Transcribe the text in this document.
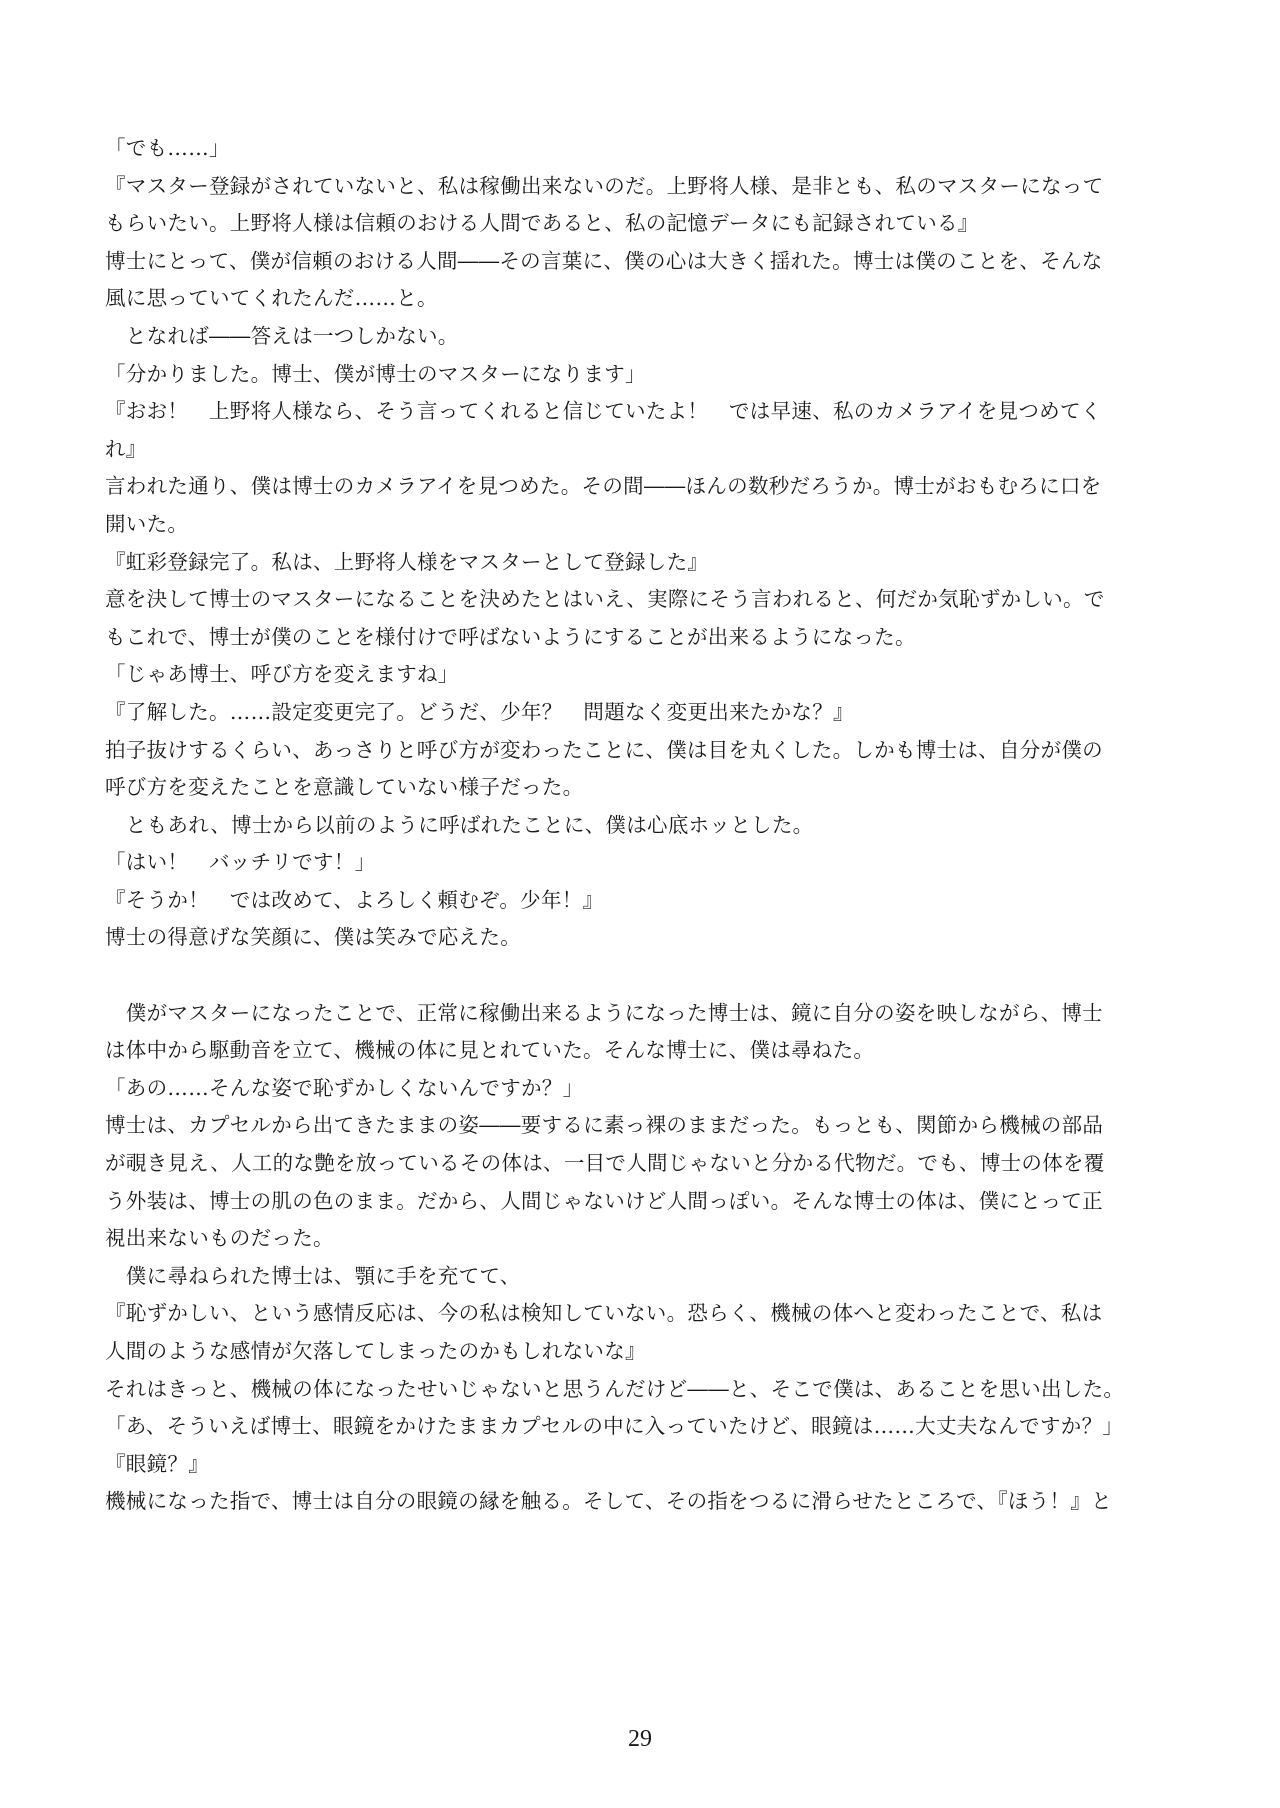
「でも……」
『マスター登録がされていないと、私は稼働出来ないのだ。上野将人様、是非とも、私のマスターになって
もらいたい。上野将人様は信頼のおける人間であると、私の記憶データにも記録されている』
博士にとって、僕が信頼のおける人間――その言葉に、僕の心は大きく揺れた。博士は僕のことを、そんな
風に思っていてくれたんだ……と。
　となれば――答えは一つしかない。
「分かりました。博士、僕が博士のマスターになります」
『おお！　上野将人様なら、そう言ってくれると信じていたよ！　では早速、私のカメラアイを見つめてく
れ』
言われた通り、僕は博士のカメラアイを見つめた。その間――ほんの数秒だろうか。博士がおもむろに口を
開いた。
『虹彩登録完了。私は、上野将人様をマスターとして登録した』
意を決して博士のマスターになることを決めたとはいえ、実際にそう言われると、何だか気恥ずかしい。で
もこれで、博士が僕のことを様付けで呼ばないようにすることが出来るようになった。
「じゃあ博士、呼び方を変えますね」
『了解した。……設定変更完了。どうだ、少年？　問題なく変更出来たかな？』
拍子抜けするくらい、あっさりと呼び方が変わったことに、僕は目を丸くした。しかも博士は、自分が僕の
呼び方を変えたことを意識していない様子だった。
　ともあれ、博士から以前のように呼ばれたことに、僕は心底ホッとした。
「はい！　バッチリです！」
『そうか！　では改めて、よろしく頼むぞ。少年！』
博士の得意げな笑顔に、僕は笑みで応えた。
　僕がマスターになったことで、正常に稼働出来るようになった博士は、鏡に自分の姿を映しながら、博士
は体中から駆動音を立て、機械の体に見とれていた。そんな博士に、僕は尋ねた。
「あの……そんな姿で恥ずかしくないんですか？」
博士は、カプセルから出てきたままの姿――要するに素っ裸のままだった。もっとも、関節から機械の部品
が覗き見え、人工的な艶を放っているその体は、一目で人間じゃないと分かる代物だ。でも、博士の体を覆
う外装は、博士の肌の色のまま。だから、人間じゃないけど人間っぽい。そんな博士の体は、僕にとって正
視出来ないものだった。
　僕に尋ねられた博士は、顎に手を充てて、
『恥ずかしい、という感情反応は、今の私は検知していない。恐らく、機械の体へと変わったことで、私は
人間のような感情が欠落してしまったのかもしれないな』
それはきっと、機械の体になったせいじゃないと思うんだけど――と、そこで僕は、あることを思い出した。
「あ、そういえば博士、眼鏡をかけたままカプセルの中に入っていたけど、眼鏡は……大丈夫なんですか？」
『眼鏡？』
機械になった指で、博士は自分の眼鏡の縁を触る。そして、その指をつるに滑らせたところで、『ほう！』と
29
